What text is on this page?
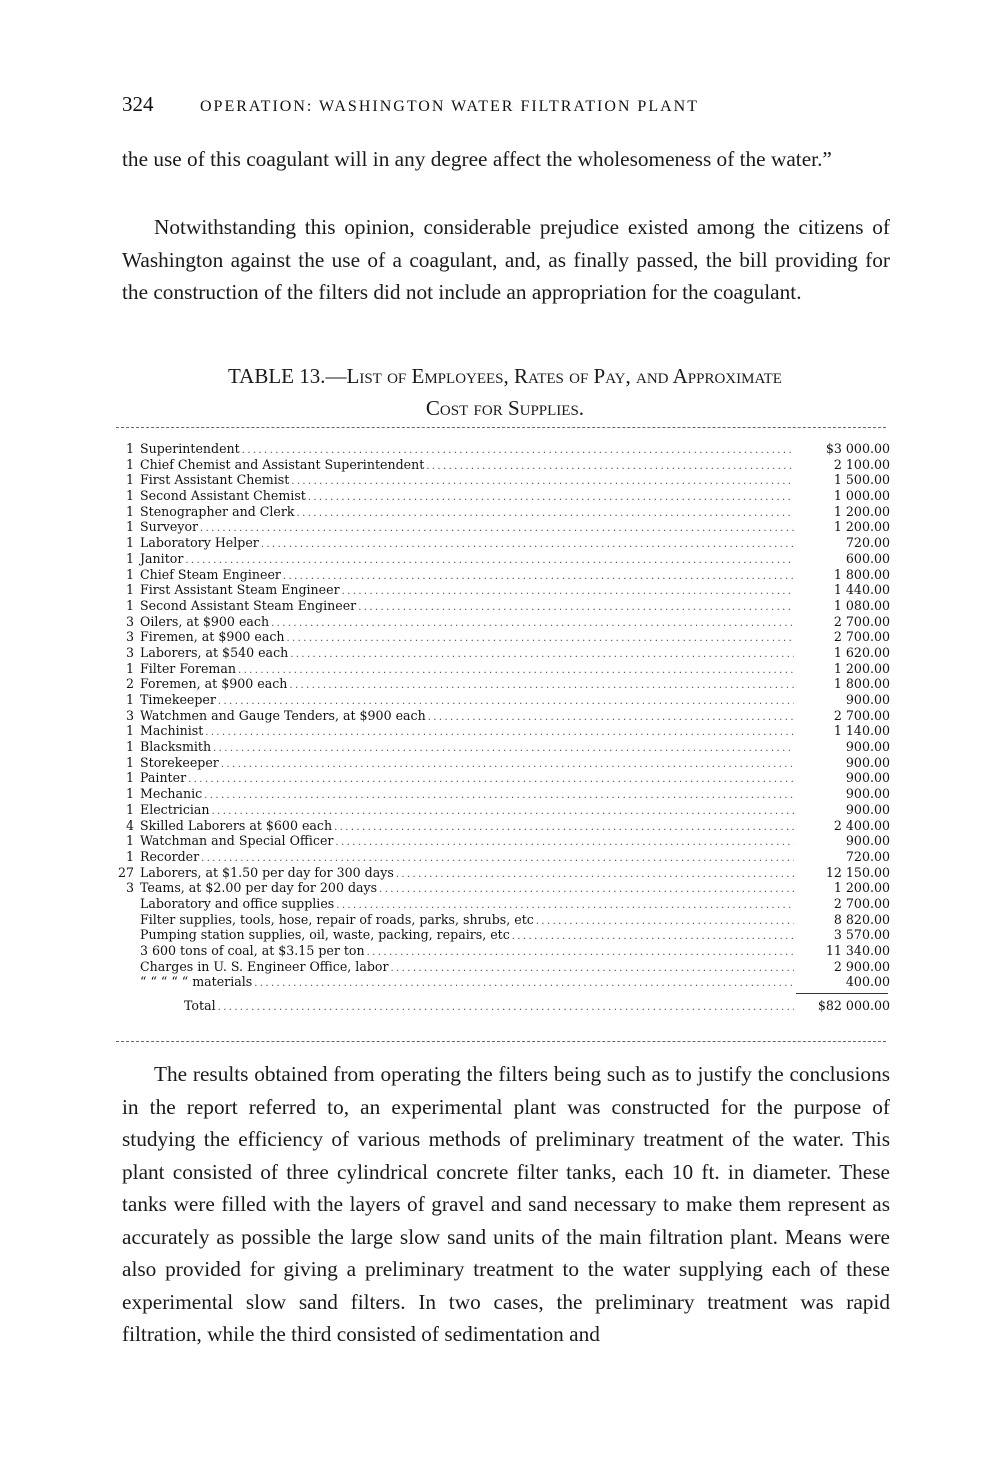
324	OPERATION: WASHINGTON WATER FILTRATION PLANT

the use of this coagulant will in any degree affect the wholesomeness of the water.”

Notwithstanding this opinion, considerable prejudice existed among the citizens of Washington against the use of a coagulant, and, as finally passed, the bill providing for the construction of the filters did not include an appropriation for the coagulant.

TABLE 13.—List of Employees, Rates of Pay, and Approximate
Cost for Supplies.
1 Superintendent .....	$3 000.00
1 Chief Chemist and Assistant Superintendent .....	2 100.00
1 First Assistant Chemist .....	1 500.00
1 Second Assistant Chemist .....	1 000.00
1 Stenographer and Clerk .....	1 200.00
1 Surveyor .....	1 200.00
1 Laboratory Helper .....	720.00
1 Janitor .....	600.00
1 Chief Steam Engineer .....	1 800.00
1 First Assistant Steam Engineer .....	1 440.00
1 Second Assistant Steam Engineer .....	1 080.00
3 Oilers, at $900 each .....	2 700.00
3 Firemen, at $900 each .....	2 700.00
3 Laborers, at $540 each .....	1 620.00
1 Filter Foreman .....	1 200.00
2 Foremen, at $900 each .....	1 800.00
1 Timekeeper .....	900.00
3 Watchmen and Gauge Tenders, at $900 each .....	2 700.00
1 Machinist .....	1 140.00
1 Blacksmith .....	900.00
1 Storekeeper .....	900.00
1 Painter .....	900.00
1 Mechanic .....	900.00
1 Electrician .....	900.00
4 Skilled Laborers at $600 each .....	2 400.00
1 Watchman and Special Officer .....	900.00
1 Recorder .....	720.00
27 Laborers, at $1.50 per day for 300 days .....	12 150.00
3 Teams, at $2.00 per day for 200 days .....	1 200.00
Laboratory and office supplies .....	2 700.00
Filter supplies, tools, hose, repair of roads, parks, shrubs, etc .....	8 820.00
Pumping station supplies, oil, waste, packing, repairs, etc .....	3 570.00
3 600 tons of coal, at $3.15 per ton .....	11 340.00
Charges in U. S. Engineer Office, labor .....	2 900.00
“ “ “ “ “ materials .....	400.00
Total .....	$82 000.00

The results obtained from operating the filters being such as to justify the conclusions in the report referred to, an experimental plant was constructed for the purpose of studying the efficiency of various methods of preliminary treatment of the water. This plant consisted of three cylindrical concrete filter tanks, each 10 ft. in diameter. These tanks were filled with the layers of gravel and sand necessary to make them represent as accurately as possible the large slow sand units of the main filtration plant. Means were also provided for giving a preliminary treatment to the water supplying each of these experimental slow sand filters. In two cases, the preliminary treatment was rapid filtration, while the third consisted of sedimentation and
